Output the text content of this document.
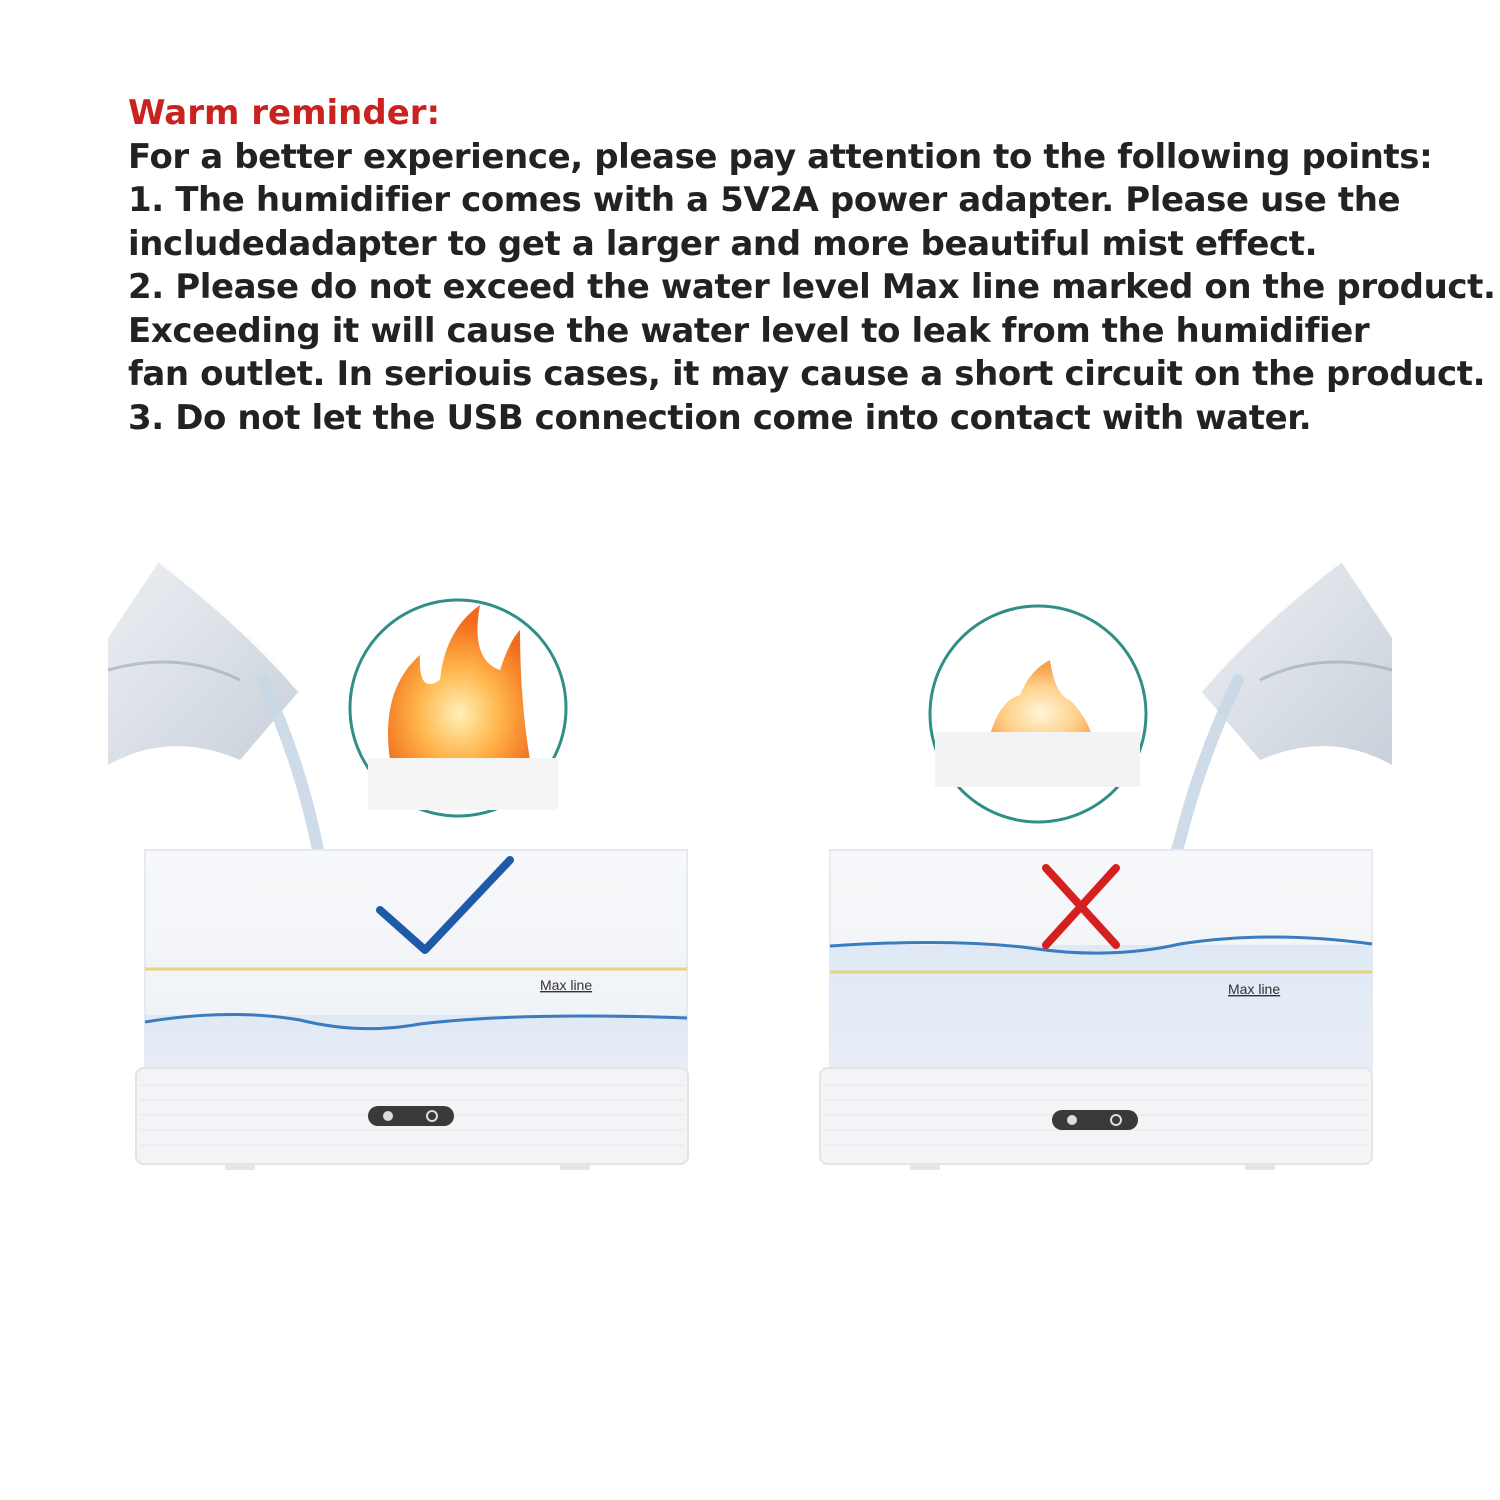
Warm reminder:
For a better experience, please pay attention to the following points:
1. The humidifier comes with a 5V2A power adapter. Please use the
includedadapter to get a larger and more beautiful mist effect.
2. Please do not exceed the water level Max line marked on the product.
Exceeding it will cause the water level to leak from the humidifier
fan outlet. In seriouis cases, it may cause a short circuit on the product.
3. Do not let the USB connection come into contact with water.
Max line	Max line
